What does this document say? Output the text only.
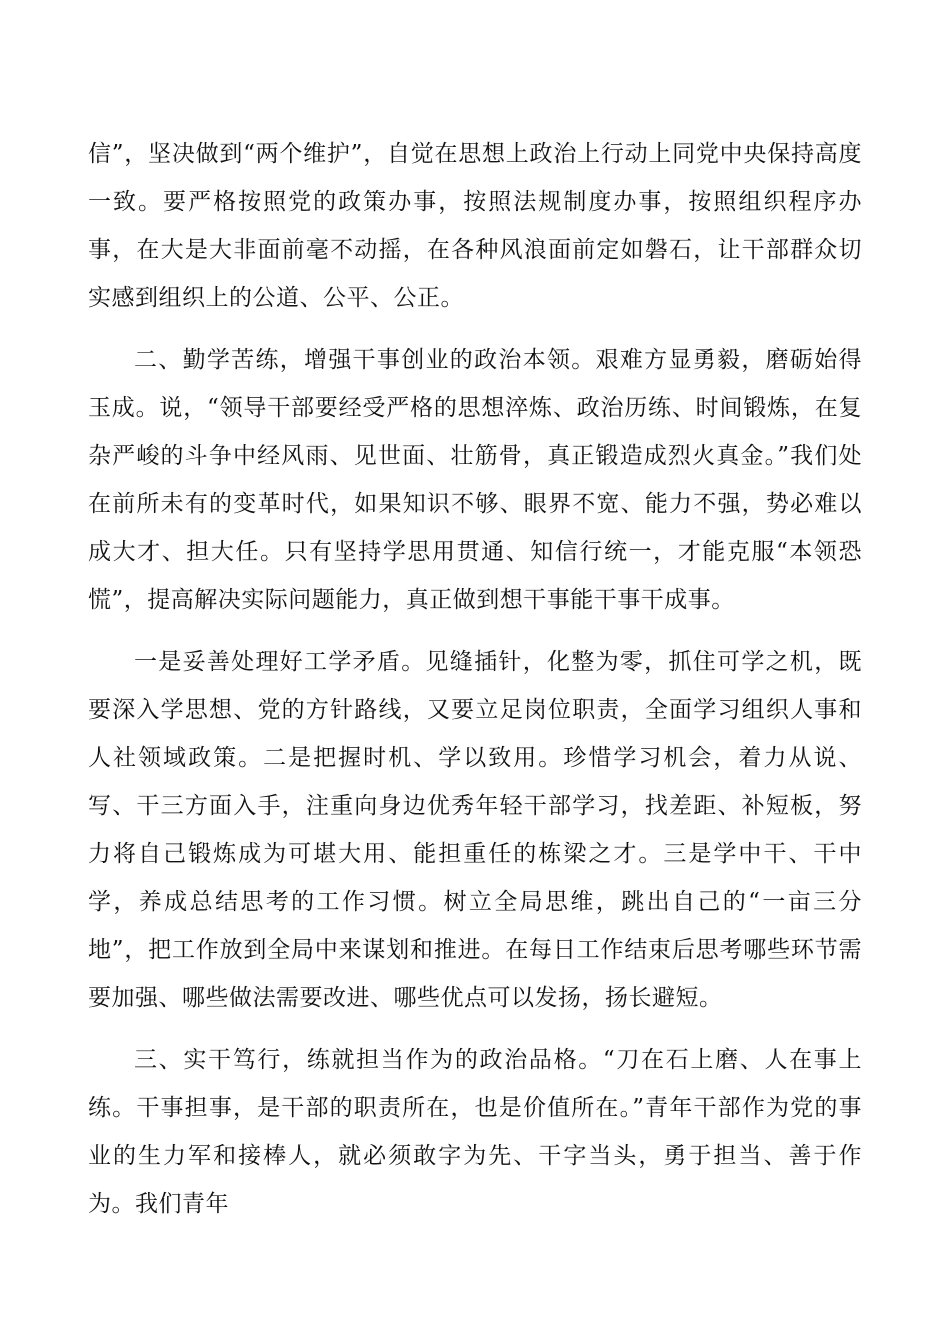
信”，坚决做到“两个维护”，自觉在思想上政治上行动上同党中央保持高度一致。要严格按照党的政策办事，按照法规制度办事，按照组织程序办事，在大是大非面前毫不动摇，在各种风浪面前定如磐石，让干部群众切实感到组织上的公道、公平、公正。

二、勤学苦练，增强干事创业的政治本领。艰难方显勇毅，磨砺始得玉成。说，“领导干部要经受严格的思想淬炼、政治历练、时间锻炼，在复杂严峻的斗争中经风雨、见世面、壮筋骨，真正锻造成烈火真金。”我们处在前所未有的变革时代，如果知识不够、眼界不宽、能力不强，势必难以成大才、担大任。只有坚持学思用贯通、知信行统一，才能克服“本领恐慌”，提高解决实际问题能力，真正做到想干事能干事干成事。

一是妥善处理好工学矛盾。见缝插针，化整为零，抓住可学之机，既要深入学思想、党的方针路线，又要立足岗位职责，全面学习组织人事和人社领域政策。二是把握时机、学以致用。珍惜学习机会，着力从说、写、干三方面入手，注重向身边优秀年轻干部学习，找差距、补短板，努力将自己锻炼成为可堪大用、能担重任的栋梁之才。三是学中干、干中学，养成总结思考的工作习惯。树立全局思维，跳出自己的“一亩三分地”，把工作放到全局中来谋划和推进。在每日工作结束后思考哪些环节需要加强、哪些做法需要改进、哪些优点可以发扬，扬长避短。

三、实干笃行，练就担当作为的政治品格。“刀在石上磨、人在事上练。干事担事，是干部的职责所在，也是价值所在。”青年干部作为党的事业的生力军和接棒人，就必须敢字为先、干字当头，勇于担当、善于作为。我们青年
